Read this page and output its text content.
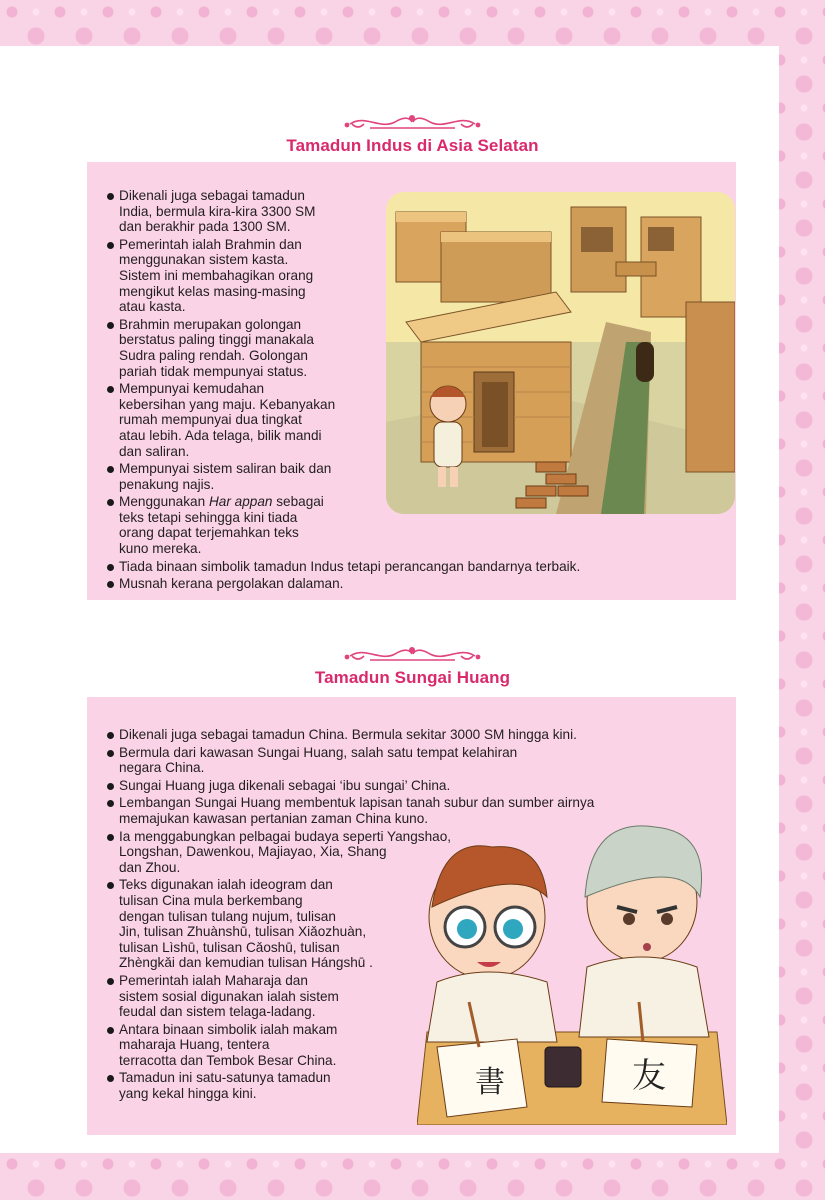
Tamadun Indus di Asia Selatan
Dikenali juga sebagai tamadun
India, bermula kira-kira 3300 SM
dan berakhir pada 1300 SM.
Pemerintah ialah Brahmin dan
menggunakan sistem kasta.
Sistem ini membahagikan orang
mengikut kelas masing-masing
atau kasta.
Brahmin merupakan golongan
berstatus paling tinggi manakala
Sudra paling rendah. Golongan
pariah tidak mempunyai status.
Mempunyai kemudahan
kebersihan yang maju. Kebanyakan
rumah mempunyai dua tingkat
atau lebih. Ada telaga, bilik mandi
dan saliran.
Mempunyai sistem saliran baik dan
penakung najis.
Menggunakan Har appan sebagai
teks tetapi sehingga kini tiada
orang dapat terjemahkan teks
kuno mereka.
Tiada binaan simbolik tamadun Indus tetapi perancangan bandarnya terbaik.
Musnah kerana pergolakan dalaman.
Tamadun Sungai Huang
書	友
Dikenali juga sebagai tamadun China. Bermula sekitar 3000 SM hingga kini.
Bermula dari kawasan Sungai Huang, salah satu tempat kelahiran
negara China.
Sungai Huang juga dikenali sebagai ‘ibu sungai’ China.
Lembangan Sungai Huang membentuk lapisan tanah subur dan sumber airnya
memajukan kawasan pertanian zaman China kuno.
Ia menggabungkan pelbagai budaya seperti Yangshao,
Longshan, Dawenkou, Majiayao, Xia, Shang
dan Zhou.
Teks digunakan ialah ideogram dan
tulisan Cina mula berkembang
dengan tulisan tulang nujum, tulisan
Jin, tulisan Zhuànshū, tulisan Xiǎozhuàn,
tulisan Lìshū, tulisan Cǎoshū, tulisan
Zhèngkǎi dan kemudian tulisan Hángshū .
Pemerintah ialah Maharaja dan
sistem sosial digunakan ialah sistem
feudal dan sistem telaga-ladang.
Antara binaan simbolik ialah makam
maharaja Huang, tentera
terracotta dan Tembok Besar China.
Tamadun ini satu-satunya tamadun
yang kekal hingga kini.
